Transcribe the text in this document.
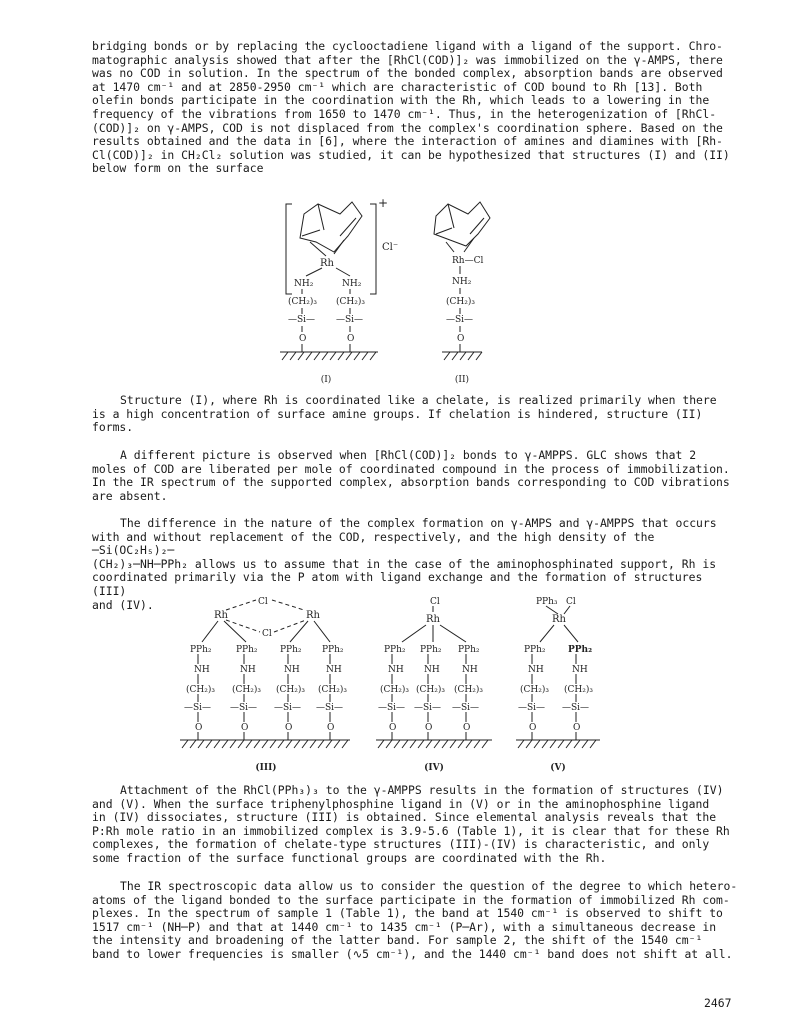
bridging bonds or by replacing the cyclooctadiene ligand with a ligand of the support. Chro-
matographic analysis showed that after the [RhCl(COD)]₂ was immobilized on the γ-AMPS, there
was no COD in solution. In the spectrum of the bonded complex, absorption bands are observed
at 1470 cm⁻¹ and at 2850-2950 cm⁻¹ which are characteristic of COD bound to Rh [13]. Both
olefin bonds participate in the coordination with the Rh, which leads to a lowering in the
frequency of the vibrations from 1650 to 1470 cm⁻¹. Thus, in the heterogenization of [RhCl-
(COD)]₂ on γ-AMPS, COD is not displaced from the complex's coordination sphere. Based on the
results obtained and the data in [6], where the interaction of amines and diamines with [Rh-
Cl(COD)]₂ in CH₂Cl₂ solution was studied, it can be hypothesized that structures (I) and (II)
below form on the surface

+
Rh
Cl⁻
NH₂	NH₂
(CH₂)₃ (CH₂)₃
—Si— —Si—
O	O
(I)
Rh—Cl
NH₂
(CH₂)₃
—Si—
O
(II)

Structure (I), where Rh is coordinated like a chelate, is realized primarily when there
is a high concentration of surface amine groups. If chelation is hindered, structure (II)
forms.

A different picture is observed when [RhCl(COD)]₂ bonds to γ-AMPPS. GLC shows that 2
moles of COD are liberated per mole of coordinated compound in the process of immobilization.
In the IR spectrum of the supported complex, absorption bands corresponding to COD vibrations
are absent.

The difference in the nature of the complex formation on γ-AMPS and γ-AMPPS that occurs
with and without replacement of the COD, respectively, and the high density of the ─Si(OC₂H₅)₂─
(CH₂)₃─NH─PPh₂ allows us to assume that in the case of the aminophosphinated support, Rh is
coordinated primarily via the P atom with ligand exchange and the formation of structures (III)
and (IV).

Rh	Rh
Cl
Cl
PPh₂	PPh₂ PPh₂ PPh₂
NH	NH	NH	NH
(CH₂)₃ (CH₂)₃ (CH₂)₃ (CH₂)₃
—Si— —Si— —Si— —Si—
O	O	O	O
(III)
Cl
Rh
PPh₂ PPh₂ PPh₂
NH NH NH
(CH₂)₃ (CH₂)₃ (CH₂)₃
—Si— —Si— —Si—
O	O	O
(IV)
PPh₃ Cl
Rh
PPh₂ PPh₂
NH	NH
(CH₂)₃ (CH₂)₃
—Si— —Si—
O	O
(V)

Attachment of the RhCl(PPh₃)₃ to the γ-AMPPS results in the formation of structures (IV)
and (V). When the surface triphenylphosphine ligand in (V) or in the aminophosphine ligand
in (IV) dissociates, structure (III) is obtained. Since elemental analysis reveals that the
P:Rh mole ratio in an immobilized complex is 3.9-5.6 (Table 1), it is clear that for these Rh
complexes, the formation of chelate-type structures (III)-(IV) is characteristic, and only
some fraction of the surface functional groups are coordinated with the Rh.

The IR spectroscopic data allow us to consider the question of the degree to which hetero-
atoms of the ligand bonded to the surface participate in the formation of immobilized Rh com-
plexes. In the spectrum of sample 1 (Table 1), the band at 1540 cm⁻¹ is observed to shift to
1517 cm⁻¹ (NH─P) and that at 1440 cm⁻¹ to 1435 cm⁻¹ (P─Ar), with a simultaneous decrease in
the intensity and broadening of the latter band. For sample 2, the shift of the 1540 cm⁻¹
band to lower frequencies is smaller (∿5 cm⁻¹), and the 1440 cm⁻¹ band does not shift at all.

2467
